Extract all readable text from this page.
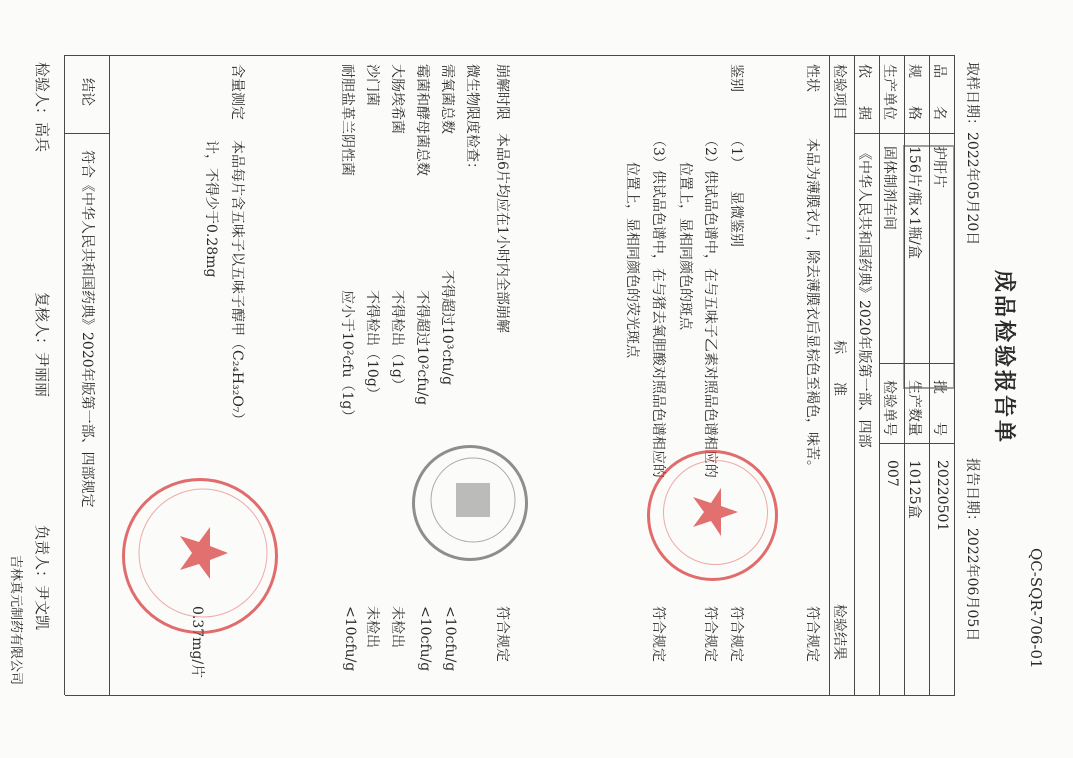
QC-SQR-706-01
成品检验报告单
取样日期：2022年05月20日
报告日期：2022年06月05日
品　　名
护肝片
批　　号
20220501
规　　格
156片/瓶×1瓶/盒
生产数量
10125盒
生产单位
固体制剂车间
检验单号
007
依　　据
《中华人民共和国药典》2020年版第一部、四部
检验项目
标　　准
检验结果
性状
本品为薄膜衣片，除去薄膜衣后显棕色至褐色，味苦。
符合规定
鉴别
（1）　　显微鉴别
符合规定
（2）供试品色谱中，在与五味子乙素对照品色谱相应的
位置上，显相同颜色的斑点
符合规定
（3）供试品色谱中，在与猪去氧胆酸对照品色谱相应的
位置上，显相同颜色的荧光斑点
符合规定
崩解时限
本品6片均应在1小时内全部崩解
符合规定
微生物限度检查：
需氧菌总数
不得超过10³cfu/g
<10cfu/g
霉菌和酵母菌总数
不得超过10²cfu/g
<10cfu/g
大肠埃希菌
不得检出（1g）
未检出
沙门菌
不得检出（10g）
未检出
耐胆盐革兰阴性菌
应小于10²cfu（1g）
<10cfu/g
含量测定
本品每片含五味子以五味子醇甲（C₂₄H₃₂O₇）
计，不得少于0.28mg
0.37mg/片
结论
符合《中华人民共和国药典》2020年版第一部、四部规定
检验人：高兵
复核人：尹丽丽
负责人：尹文凯
吉林真元制药有限公司
